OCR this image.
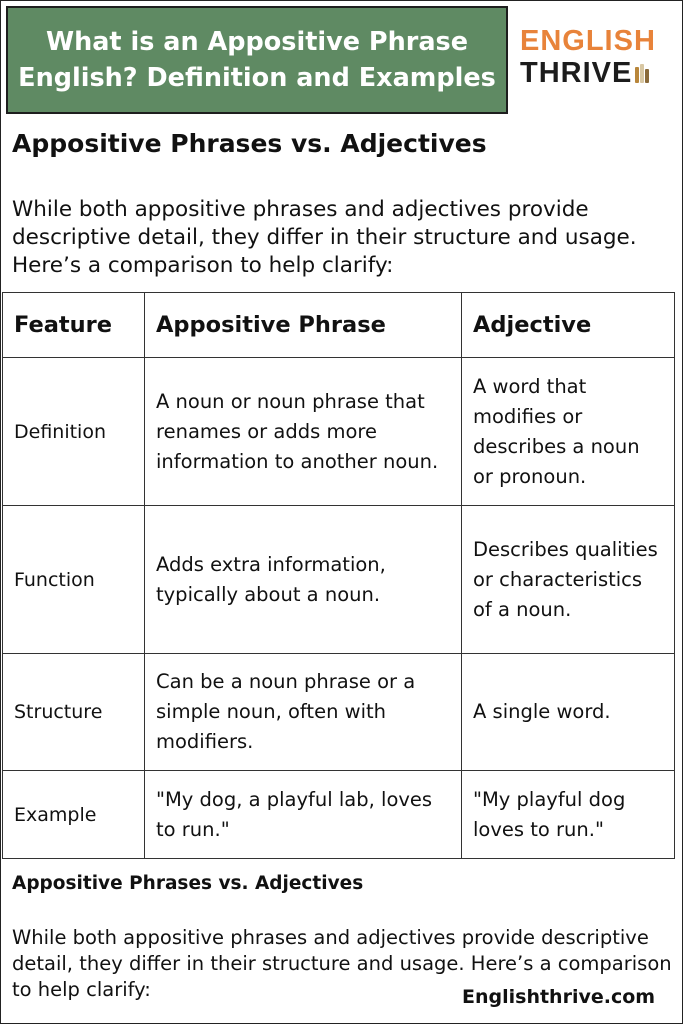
What is an Appositive Phrase
English? Definition and Examples
ENGLISH
THRIVE
Appositive Phrases vs. Adjectives
While both appositive phrases and adjectives provide descriptive detail, they differ in their structure and usage. Here’s a comparison to help clarify:
Feature	Appositive Phrase	Adjective
Definition	A noun or noun phrase that renames or adds more information to another noun.	A word that modifies or describes a noun or pronoun.
Function	Adds extra information, typically about a noun.	Describes qualities or characteristics of a noun.
Structure	Can be a noun phrase or a simple noun, often with modifiers.	A single word.
Example	"My dog, a playful lab, loves to run."	"My playful dog loves to run."
Appositive Phrases vs. Adjectives
While both appositive phrases and adjectives provide descriptive detail, they differ in their structure and usage. Here’s a comparison to help clarify:	Englishthrive.com
